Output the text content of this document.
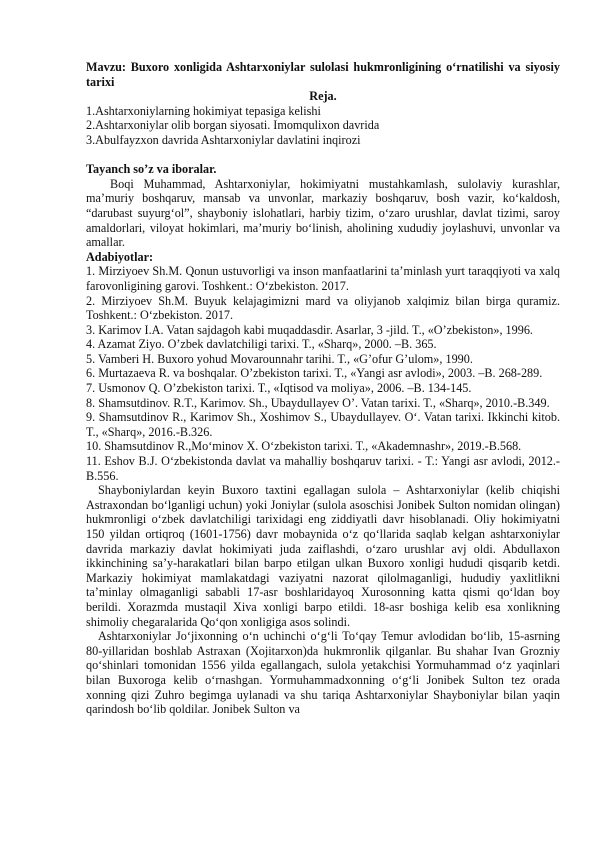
Mavzu: Buxoro xonligida Ashtarxoniylar sulolasi hukmronligining oʻrnatilishi va siyosiy tarixi

Reja.

1.Ashtarxoniylarning hokimiyat tepasiga kelishi

2.Ashtarxoniylar olib borgan siyosati. Imomqulixon davrida

3.Abulfayzxon davrida Ashtarxoniylar davlatini inqirozi

Tayanch soʼz va iboralar.

Boqi Muhammad, Ashtarxoniylar, hokimiyatni mustahkamlash, sulolaviy kurashlar, maʼmuriy boshqaruv, mansab va unvonlar, markaziy boshqaruv, bosh vazir, koʻkaldosh, “darubast suyurgʻol”, shayboniy islohatlari, harbiy tizim, oʻzaro urushlar, davlat tizimi, saroy amaldorlari, viloyat hokimlari, maʼmuriy boʻlinish, aholining xududiy joylashuvi, unvonlar va amallar.

Adabiyotlar:

1. Mirziyoev Sh.M. Qonun ustuvorligi va inson manfaatlarini taʼminlash yurt taraqqiyoti va xalq farovonligining garovi. Toshkent.: Oʻzbekiston. 2017.

2. Mirziyoev Sh.M. Buyuk kelajagimizni mard va oliyjanob xalqimiz bilan birga quramiz. Toshkent.: Oʻzbekiston. 2017.

3. Karimov I.A. Vatan sajdagoh kabi muqaddasdir. Asarlar, 3 -jild. T., «Oʼzbekiston», 1996.

4. Azamat Ziyo. Oʼzbek davlatchiligi tarixi. T., «Sharq», 2000. –B. 365.

5. Vamberi H. Buxoro yohud Movarounnahr tarihi. T., «Gʼofur Gʼulom», 1990.

6. Murtazaeva R. va boshqalar. Oʼzbekiston tarixi. T., «Yangi asr avlodi», 2003. –B. 268-289.

7. Usmonov Q. Oʼzbekiston tarixi. T., «Iqtisod va moliya», 2006. –B. 134-145.

8. Shamsutdinov. R.T., Karimov. Sh., Ubaydullayev Oʼ. Vatan tarixi. T., «Sharq», 2010.-B.349.

9. Shamsutdinov R., Karimov Sh., Xoshimov S., Ubaydullayev. Oʻ. Vatan tarixi. Ikkinchi kitob. T., «Sharq», 2016.-B.326.

10. Shamsutdinov R.,Moʻminov X. Oʻzbekiston tarixi. T., «Akademnashr», 2019.-B.568.

11. Eshov B.J. Oʻzbekistonda davlat va mahalliy boshqaruv tarixi. - T.: Yangi asr avlodi, 2012.-B.556.

Shayboniylardan keyin Buxoro taxtini egallagan sulola – Ashtarxoniylar (kelib chiqishi Astraxondan boʻlganligi uchun) yoki Joniylar (sulola asoschisi Jonibek Sulton nomidan olingan) hukmronligi oʻzbek davlatchiligi tarixidagi eng ziddiyatli davr hisoblanadi. Oliy hokimiyatni 150 yildan ortiqroq (1601-1756) davr mobaynida oʻz qoʻllarida saqlab kelgan ashtarxoniylar davrida markaziy davlat hokimiyati juda zaiflashdi, oʻzaro urushlar avj oldi. Abdullaxon ikkinchining saʼy-harakatlari bilan barpo etilgan ulkan Buxoro xonligi hududi qisqarib ketdi. Markaziy hokimiyat mamlakatdagi vaziyatni nazorat qilolmaganligi, hududiy yaxlitlikni taʼminlay olmaganligi sababli 17-asr boshlaridayoq Xurosonning katta qismi qoʻldan boy berildi. Xorazmda mustaqil Xiva xonligi barpo etildi. 18-asr boshiga kelib esa xonlikning shimoliy chegaralarida Qoʻqon xonligiga asos solindi.

Ashtarxoniylar Joʻjixonning oʻn uchinchi oʻgʻli Toʻqay Temur avlodidan boʻlib, 15-asrning 80-yillaridan boshlab Astraxan (Xojitarxon)da hukmronlik qilganlar. Bu shahar Ivan Grozniy qoʻshinlari tomonidan 1556 yilda egallangach, sulola yetakchisi Yormuhammad oʻz yaqinlari bilan Buxoroga kelib oʻrnashgan. Yormuhammadxonning oʻgʻli Jonibek Sulton tez orada xonning qizi Zuhro begimga uylanadi va shu tariqa Ashtarxoniylar Shayboniylar bilan yaqin qarindosh boʻlib qoldilar. Jonibek Sulton va
